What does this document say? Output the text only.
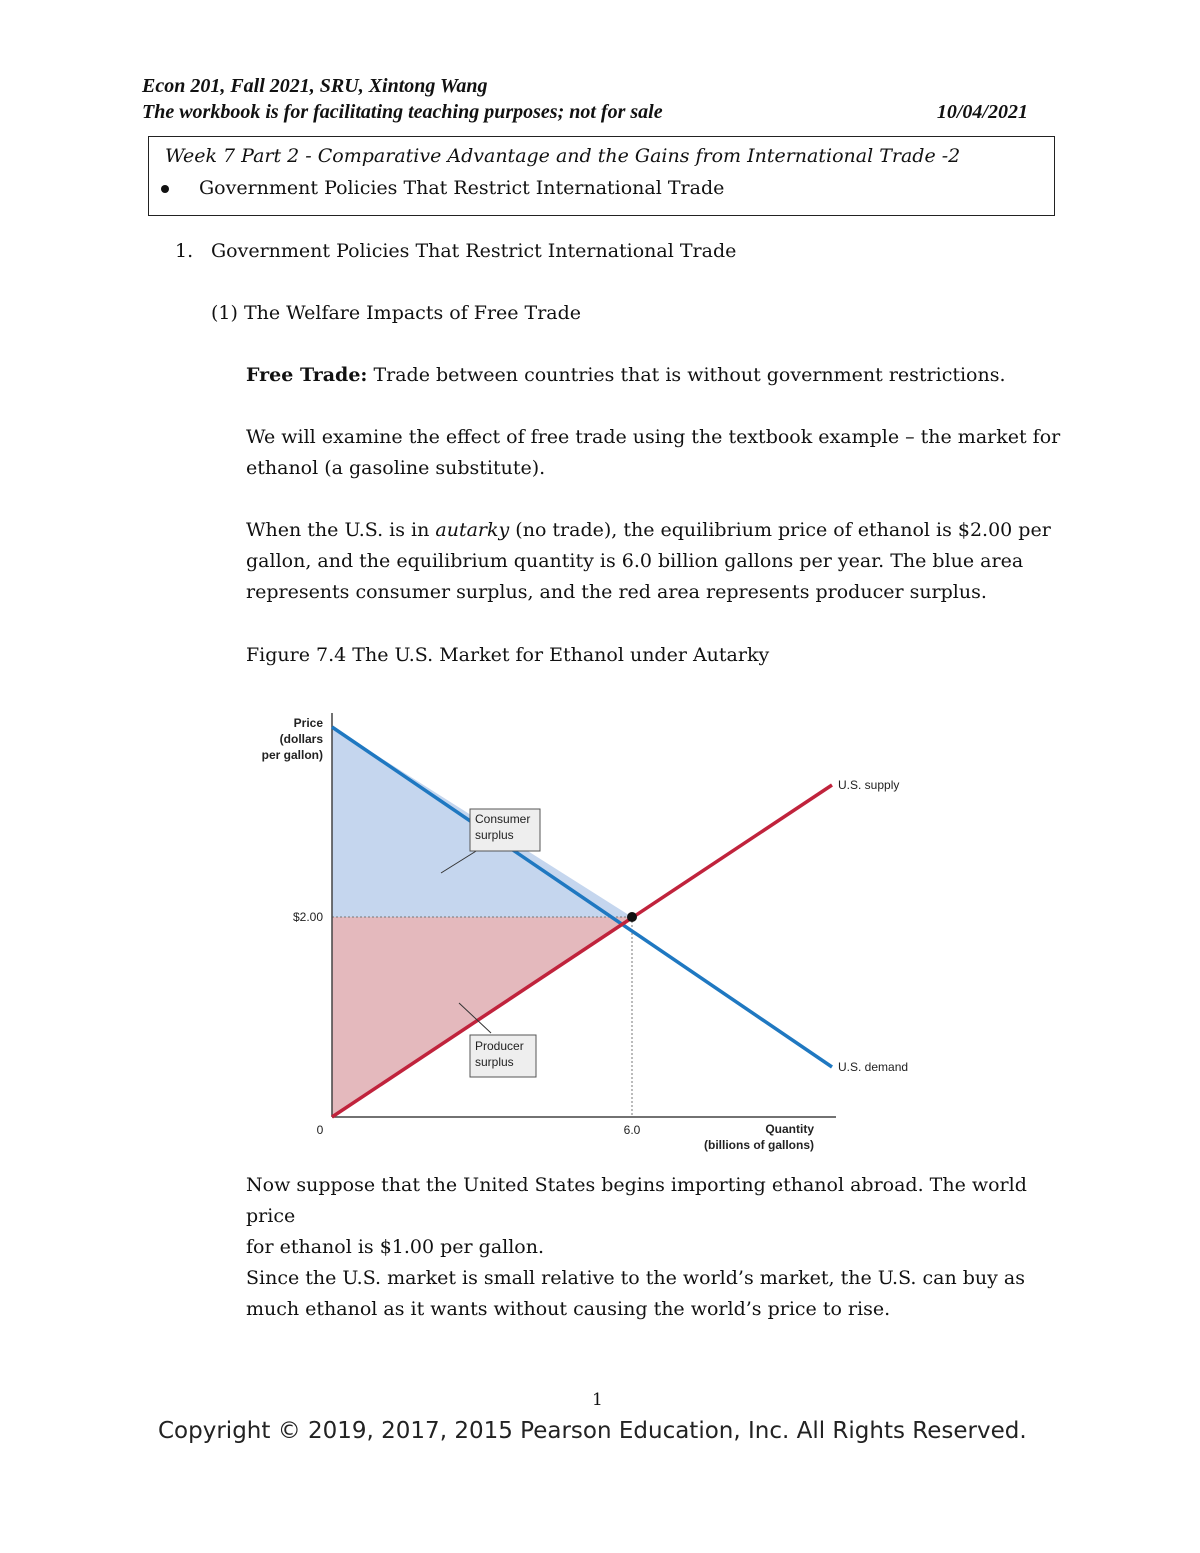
Econ 201, Fall 2021, SRU, Xintong Wang
The workbook is for facilitating teaching purposes; not for sale	10/04/2021
Week 7 Part 2 - Comparative Advantage and the Gains from International Trade -2
Government Policies That Restrict International Trade
1. Government Policies That Restrict International Trade
(1) The Welfare Impacts of Free Trade
Free Trade: Trade between countries that is without government restrictions.
We will examine the effect of free trade using the textbook example – the market for
ethanol (a gasoline substitute).
When the U.S. is in autarky (no trade), the equilibrium price of ethanol is $2.00 per
gallon, and the equilibrium quantity is 6.0 billion gallons per year. The blue area
represents consumer surplus, and the red area represents producer surplus.
Figure 7.4 The U.S. Market for Ethanol under Autarky
Price
(dollars
per gallon)
Quantity
(billions of gallons)
0	6.0
$2.00
U.S. supply
U.S. demand
Consumer
surplus
Producer
surplus
Now suppose that the United States begins importing ethanol abroad. The world price
for ethanol is $1.00 per gallon.
Since the U.S. market is small relative to the world’s market, the U.S. can buy as
much ethanol as it wants without causing the world’s price to rise.
1
Copyright © 2019, 2017, 2015 Pearson Education, Inc. All Rights Reserved.
